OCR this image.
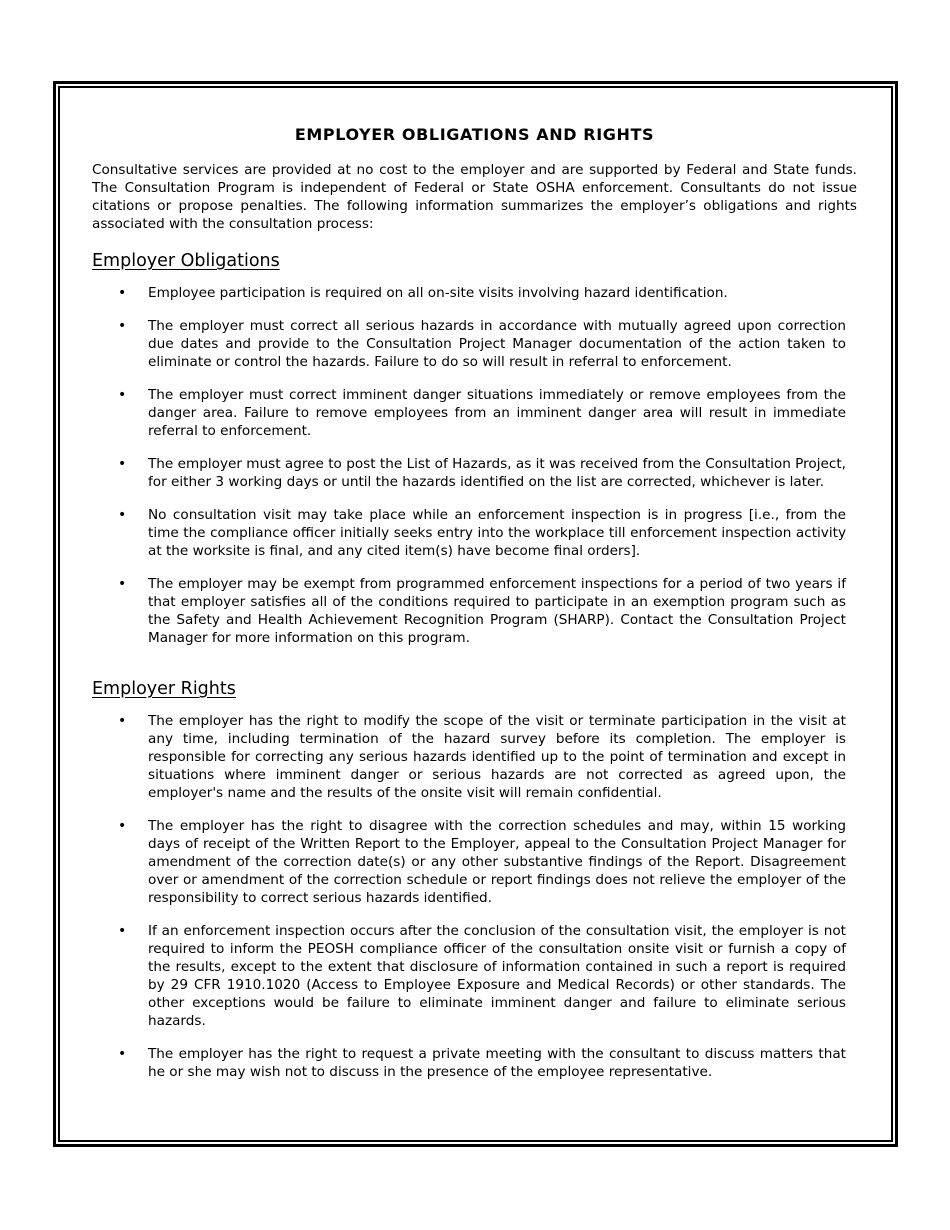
EMPLOYER OBLIGATIONS AND RIGHTS

Consultative services are provided at no cost to the employer and are supported by Federal and State funds. The Consultation Program is independent of Federal or State OSHA enforcement. Consultants do not issue citations or propose penalties. The following information summarizes the employer’s obligations and rights associated with the consultation process:

Employer Obligations
• Employee participation is required on all on-site visits involving hazard identification.
• The employer must correct all serious hazards in accordance with mutually agreed upon correction due dates and provide to the Consultation Project Manager documentation of the action taken to eliminate or control the hazards. Failure to do so will result in referral to enforcement.
• The employer must correct imminent danger situations immediately or remove employees from the danger area. Failure to remove employees from an imminent danger area will result in immediate referral to enforcement.
• The employer must agree to post the List of Hazards, as it was received from the Consultation Project, for either 3 working days or until the hazards identified on the list are corrected, whichever is later.
• No consultation visit may take place while an enforcement inspection is in progress [i.e., from the time the compliance officer initially seeks entry into the workplace till enforcement inspection activity at the worksite is final, and any cited item(s) have become final orders].
• The employer may be exempt from programmed enforcement inspections for a period of two years if that employer satisfies all of the conditions required to participate in an exemption program such as the Safety and Health Achievement Recognition Program (SHARP). Contact the Consultation Project Manager for more information on this program.
Employer Rights
• The employer has the right to modify the scope of the visit or terminate participation in the visit at any time, including termination of the hazard survey before its completion. The employer is responsible for correcting any serious hazards identified up to the point of termination and except in situations where imminent danger or serious hazards are not corrected as agreed upon, the employer's name and the results of the onsite visit will remain confidential.
• The employer has the right to disagree with the correction schedules and may, within 15 working days of receipt of the Written Report to the Employer, appeal to the Consultation Project Manager for amendment of the correction date(s) or any other substantive findings of the Report. Disagreement over or amendment of the correction schedule or report findings does not relieve the employer of the responsibility to correct serious hazards identified.
• If an enforcement inspection occurs after the conclusion of the consultation visit, the employer is not required to inform the PEOSH compliance officer of the consultation onsite visit or furnish a copy of the results, except to the extent that disclosure of information contained in such a report is required by 29 CFR 1910.1020 (Access to Employee Exposure and Medical Records) or other standards. The other exceptions would be failure to eliminate imminent danger and failure to eliminate serious hazards.
• The employer has the right to request a private meeting with the consultant to discuss matters that he or she may wish not to discuss in the presence of the employee representative.
